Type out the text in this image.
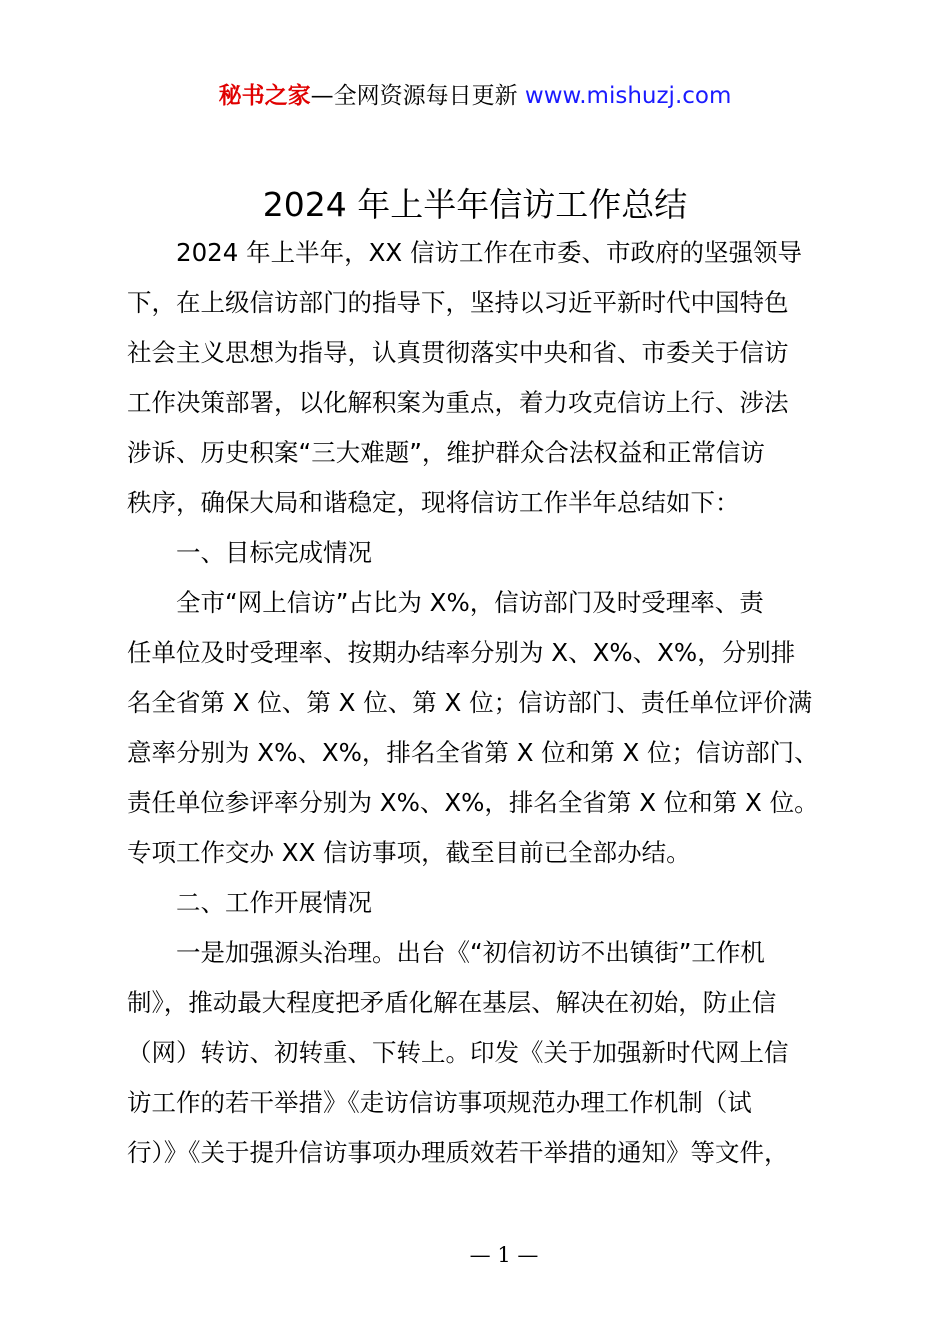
秘书之家—全网资源每日更新 www.mishuzj.com
2024 年上半年信访工作总结
　　2024 年上半年，XX 信访工作在市委、市政府的坚强领导
下，在上级信访部门的指导下，坚持以习近平新时代中国特色
社会主义思想为指导，认真贯彻落实中央和省、市委关于信访
工作决策部署，以化解积案为重点，着力攻克信访上行、涉法
涉诉、历史积案“三大难题”，维护群众合法权益和正常信访
秩序，确保大局和谐稳定，现将信访工作半年总结如下：
　　一、目标完成情况
　　全市“网上信访”占比为 X%，信访部门及时受理率、责
任单位及时受理率、按期办结率分别为 X、X%、X%，分别排
名全省第 X 位、第 X 位、第 X 位；信访部门、责任单位评价满
意率分别为 X%、X%，排名全省第 X 位和第 X 位；信访部门、
责任单位参评率分别为 X%、X%，排名全省第 X 位和第 X 位。
专项工作交办 XX 信访事项，截至目前已全部办结。
　　二、工作开展情况
　　一是加强源头治理。出台《“初信初访不出镇街”工作机
制》，推动最大程度把矛盾化解在基层、解决在初始，防止信
（网）转访、初转重、下转上。印发《关于加强新时代网上信
访工作的若干举措》《走访信访事项规范办理工作机制（试
行）》《关于提升信访事项办理质效若干举措的通知》等文件，
— 1 —
